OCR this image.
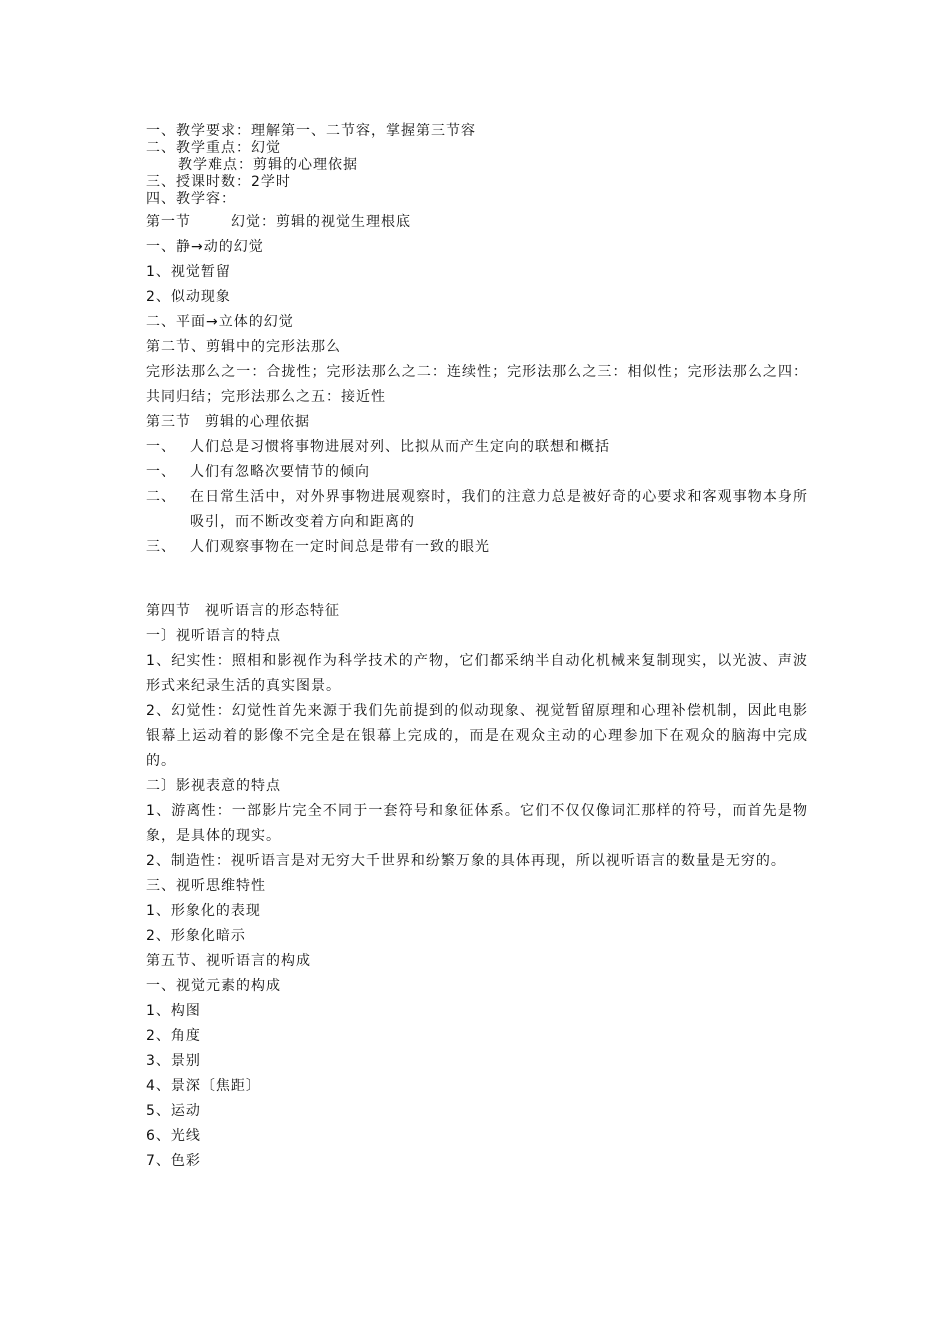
一、教学要求：理解第一、二节容，掌握第三节容
二、教学重点：幻觉
教学难点：剪辑的心理依据
三、授课时数：2学时
四、教学容：
第一节	幻觉：剪辑的视觉生理根底
一、静→动的幻觉
1、视觉暂留
2、似动现象
二、平面→立体的幻觉
第二节、剪辑中的完形法那么
完形法那么之一：合拢性；完形法那么之二：连续性；完形法那么之三：相似性；完形法那么之四：共同归结；完形法那么之五：接近性
第三节 剪辑的心理依据
一、	人们总是习惯将事物进展对列、比拟从而产生定向的联想和概括
一、	人们有忽略次要情节的倾向
二、	在日常生活中，对外界事物进展观察时，我们的注意力总是被好奇的心要求和客观事物本身所吸引，而不断改变着方向和距离的
三、	人们观察事物在一定时间总是带有一致的眼光
第四节 视听语言的形态特征
一〕视听语言的特点
1、纪实性：照相和影视作为科学技术的产物，它们都采纳半自动化机械来复制现实，以光波、声波形式来纪录生活的真实图景。
2、幻觉性：幻觉性首先来源于我们先前提到的似动现象、视觉暂留原理和心理补偿机制，因此电影银幕上运动着的影像不完全是在银幕上完成的，而是在观众主动的心理参加下在观众的脑海中完成的。
二〕影视表意的特点
1、游离性：一部影片完全不同于一套符号和象征体系。它们不仅仅像词汇那样的符号，而首先是物象，是具体的现实。
2、制造性：视听语言是对无穷大千世界和纷繁万象的具体再现，所以视听语言的数量是无穷的。
三、视听思维特性
1、形象化的表现
2、形象化暗示
第五节、视听语言的构成
一、视觉元素的构成
1、构图
2、角度
3、景别
4、景深〔焦距〕
5、运动
6、光线
7、色彩
